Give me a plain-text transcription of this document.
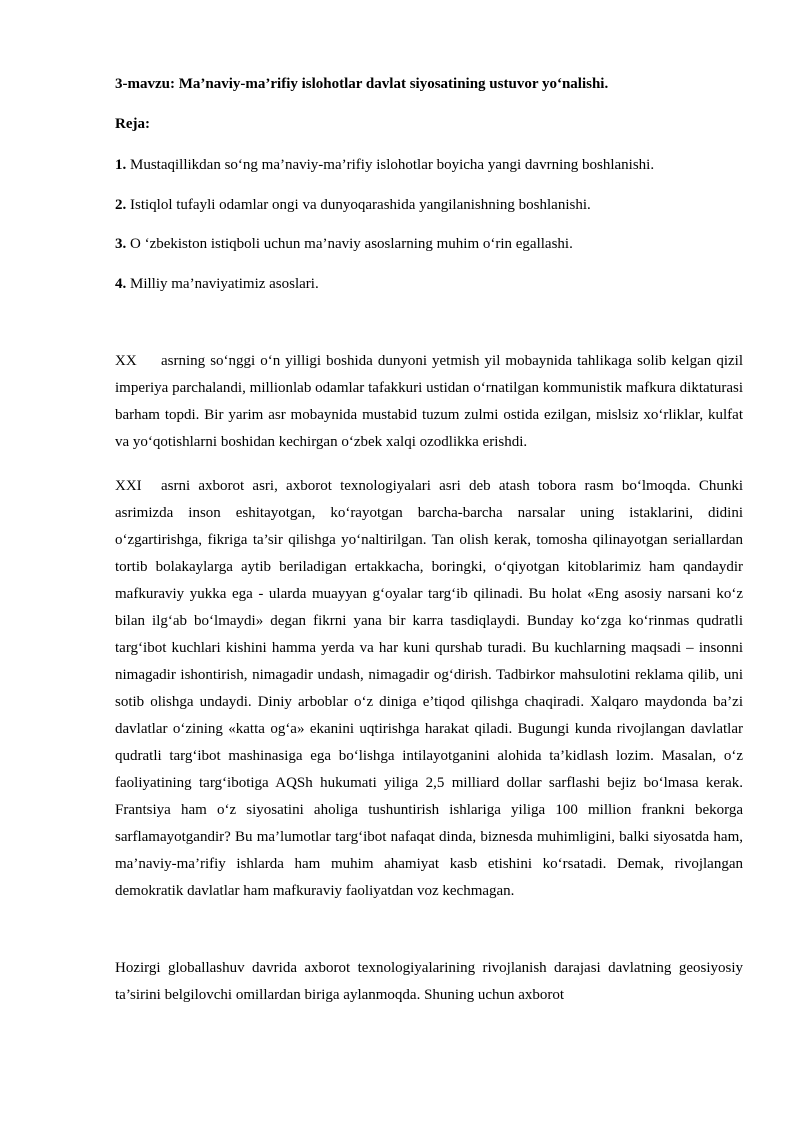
3-mavzu: Ma’naviy-ma’rifiy islohotlar davlat siyosatining ustuvor yo‘nalishi.
Reja:
1. Mustaqillikdan so‘ng ma’naviy-ma’rifiy islohotlar boyicha yangi davrning boshlanishi.
2. Istiqlol tufayli odamlar ongi va dunyoqarashida yangilanishning boshlanishi.
3. O ‘zbekiston istiqboli uchun ma’naviy asoslarning muhim o‘rin egallashi.
4. Milliy ma’naviyatimiz asoslari.

XX asrning so‘nggi o‘n yilligi boshida dunyoni yetmish yil mobaynida tahlikaga solib kelgan qizil imperiya parchalandi, millionlab odamlar tafakkuri ustidan o‘rnatilgan kommunistik mafkura diktaturasi barham topdi. Bir yarim asr mobaynida mustabid tuzum zulmi ostida ezilgan, mislsiz xo‘rliklar, kulfat va yo‘qotishlarni boshidan kechirgan o‘zbek xalqi ozodlikka erishdi.

XXI asrni axborot asri, axborot texnologiyalari asri deb atash tobora rasm bo‘lmoqda. Chunki asrimizda inson eshitayotgan, ko‘rayotgan barcha-barcha narsalar uning istaklarini, didini o‘zgartirishga, fikriga ta’sir qilishga yo‘naltirilgan. Tan olish kerak, tomosha qilinayotgan seriallardan tortib bolakaylarga aytib beriladigan ertakkacha, boringki, o‘qiyotgan kitoblarimiz ham qandaydir mafkuraviy yukka ega - ularda muayyan g‘oyalar targ‘ib qilinadi. Bu holat «Eng asosiy narsani ko‘z bilan ilg‘ab bo‘lmaydi» degan fikrni yana bir karra tasdiqlaydi. Bunday ko‘zga ko‘rinmas qudratli targ‘ibot kuchlari kishini hamma yerda va har kuni qurshab turadi. Bu kuchlarning maqsadi – insonni nimagadir ishontirish, nimagadir undash, nimagadir og‘dirish. Tadbirkor mahsulotini reklama qilib, uni sotib olishga undaydi. Diniy arboblar o‘z diniga e’tiqod qilishga chaqiradi. Xalqaro maydonda ba’zi davlatlar o‘zining «katta og‘a» ekanini uqtirishga harakat qiladi. Bugungi kunda rivojlangan davlatlar qudratli targ‘ibot mashinasiga ega bo‘lishga intilayotganini alohida ta’kidlash lozim. Masalan, o‘z faoliyatining targ‘ibotiga AQSh hukumati yiliga 2,5 milliard dollar sarflashi bejiz bo‘lmasa kerak. Frantsiya ham o‘z siyosatini aholiga tushuntirish ishlariga yiliga 100 million frankni bekorga sarflamayotgandir? Bu ma’lumotlar targ‘ibot nafaqat dinda, biznesda muhimligini, balki siyosatda ham, ma’naviy-ma’rifiy ishlarda ham muhim ahamiyat kasb etishini ko‘rsatadi. Demak, rivojlangan demokratik davlatlar ham mafkuraviy faoliyatdan voz kechmagan.

Hozirgi globallashuv davrida axborot texnologiyalarining rivojlanish darajasi davlatning geosiyosiy ta’sirini belgilovchi omillardan biriga aylanmoqda. Shuning uchun axborot
